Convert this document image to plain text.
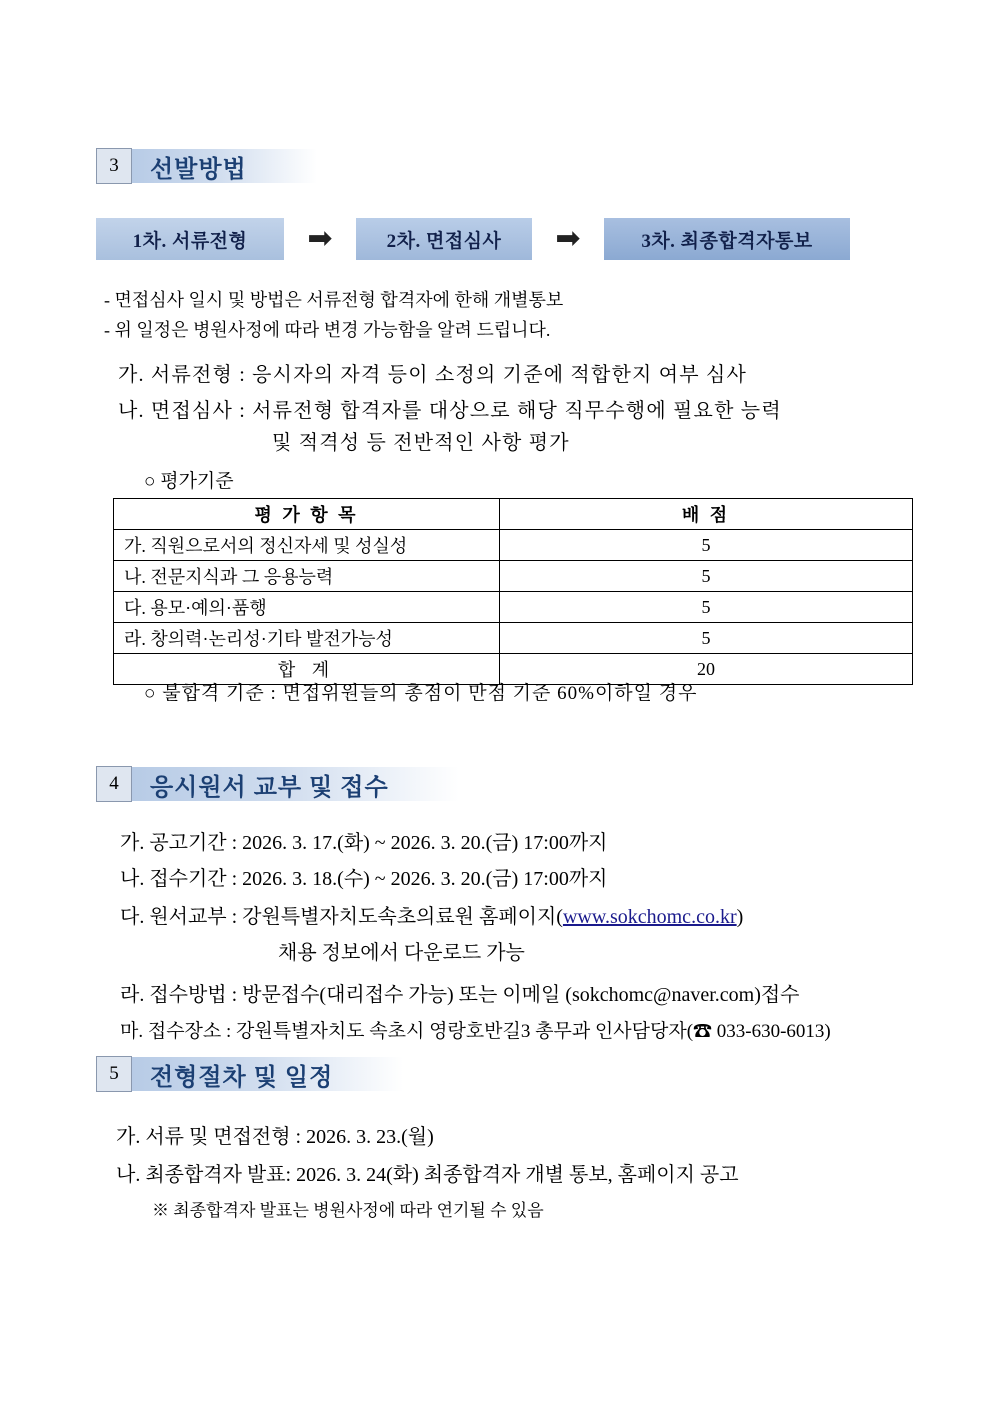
3	선발방법
1차. 서류전형	➡	2차. 면접심사	➡	3차. 최종합격자통보
- 면접심사 일시 및 방법은 서류전형 합격자에 한해 개별통보
- 위 일정은 병원사정에 따라 변경 가능함을 알려 드립니다.
가. 서류전형 : 응시자의 자격 등이 소정의 기준에 적합한지 여부 심사
나. 면접심사 : 서류전형 합격자를 대상으로 해당 직무수행에 필요한 능력
및 적격성 등 전반적인 사항 평가
○ 평가기준
평 가 항 목	배 점
가. 직원으로서의 정신자세 및 성실성	5
나. 전문지식과 그 응용능력	5
다. 용모·예의·품행	5
라. 창의력·논리성·기타 발전가능성	5
합 계	20
○ 불합격 기준 : 면접위원들의 총점이 만점 기준 60%이하일 경우
4	응시원서 교부 및 접수
가. 공고기간 : 2026. 3. 17.(화) ~ 2026. 3. 20.(금) 17:00까지
나. 접수기간 : 2026. 3. 18.(수) ~ 2026. 3. 20.(금) 17:00까지
다. 원서교부 : 강원특별자치도속초의료원 홈페이지(www.sokchomc.co.kr)
채용 정보에서 다운로드 가능
라. 접수방법 : 방문접수(대리접수 가능) 또는 이메일 (sokchomc@naver.com)접수
마. 접수장소 : 강원특별자치도 속초시 영랑호반길3 총무과 인사담당자(☎ 033-630-6013)
5	전형절차 및 일정
가. 서류 및 면접전형 : 2026. 3. 23.(월)
나. 최종합격자 발표: 2026. 3. 24(화) 최종합격자 개별 통보, 홈페이지 공고
※ 최종합격자 발표는 병원사정에 따라 연기될 수 있음
